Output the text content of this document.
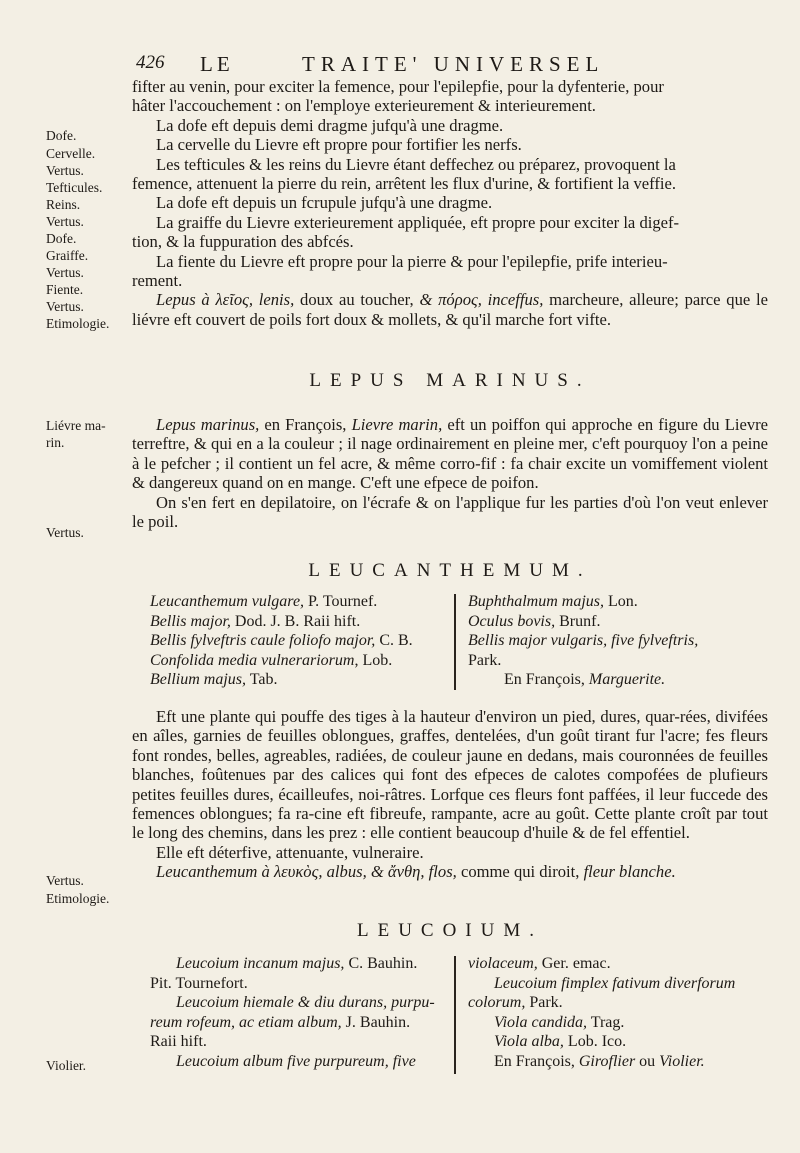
426 LE	TRAITE' UNIVERSEL
Dofe.
Cervelle.
Vertus.
Tefticules.
Reins.
Vertus.
Dofe.
Graiffe.
Vertus.
Fiente.
Vertus.
Etimologie.
Liévre ma-
rin.
Vertus.
Vertus.
Etimologie.
Violier.

fifter au venin, pour exciter la femence, pour l'epilepfie, pour la dyfenterie, pour

hâter l'accouchement : on l'employe exterieurement & interieurement.

La dofe eft depuis demi dragme jufqu'à une dragme.

La cervelle du Lievre eft propre pour fortifier les nerfs.

Les tefticules & les reins du Lievre étant deffechez ou préparez, provoquent la

femence, attenuent la pierre du rein, arrêtent les flux d'urine, & fortifient la veffie.

La dofe eft depuis un fcrupule jufqu'à une dragme.

La graiffe du Lievre exterieurement appliquée, eft propre pour exciter la digef-

tion, & la fuppuration des abfcés.

La fiente du Lievre eft propre pour la pierre & pour l'epilepfie, prife interieu-

rement.

Lepus à λεῖος, lenis, doux au toucher, & πόρος, inceffus, marcheure, alleure; parce que le liévre eft couvert de poils fort doux & mollets, & qu'il marche fort vifte.

LEPUS MARINUS.

Lepus marinus, en François, Lievre marin, eft un poiffon qui approche en figure du Lievre terreftre, & qui en a la couleur ; il nage ordinairement en pleine mer, c'eft pourquoy l'on a peine à le pefcher ; il contient un fel acre, & même corro-fif : fa chair excite un vomiffement violent & dangereux quand on en mange. C'eft une efpece de poifon.

On s'en fert en depilatoire, on l'écrafe & on l'applique fur les parties d'où l'on veut enlever le poil.

LEUCANTHEMUM.
Leucanthemum vulgare, P. Tournef.
Bellis major, Dod. J. B. Raii hift.
Bellis fylveftris caule foliofo major, C. B.
Confolida media vulnerariorum, Lob.
Bellium majus, Tab.
Buphthalmum majus, Lon.
Oculus bovis, Brunf.
Bellis major vulgaris, five fylveftris,
Park.
En François, Marguerite.

Eft une plante qui pouffe des tiges à la hauteur d'environ un pied, dures, quar-rées, divifées en aîles, garnies de feuilles oblongues, graffes, dentelées, d'un goût tirant fur l'acre; fes fleurs font rondes, belles, agreables, radiées, de couleur jaune en dedans, mais couronnées de feuilles blanches, foûtenues par des calices qui font des efpeces de calotes compofées de plufieurs petites feuilles dures, écailleufes, noi-râtres. Lorfque ces fleurs font paffées, il leur fuccede des femences oblongues; fa ra-cine eft fibreufe, rampante, acre au goût. Cette plante croît par tout le long des chemins, dans les prez : elle contient beaucoup d'huile & de fel effentiel.

Elle eft déterfive, attenuante, vulneraire.

Leucanthemum à λευκὸς, albus, & ἄνθη, flos, comme qui diroit, fleur blanche.

LEUCOIUM.
Leucoium incanum majus, C. Bauhin.
Pit. Tournefort.
Leucoium hiemale & diu durans, purpu-
reum rofeum, ac etiam album, J. Bauhin.
Raii hift.
Leucoium album five purpureum, five
violaceum, Ger. emac.
Leucoium fimplex fativum diverforum
colorum, Park.
Viola candida, Trag.
Viola alba, Lob. Ico.
En François, Giroflier ou Violier.
